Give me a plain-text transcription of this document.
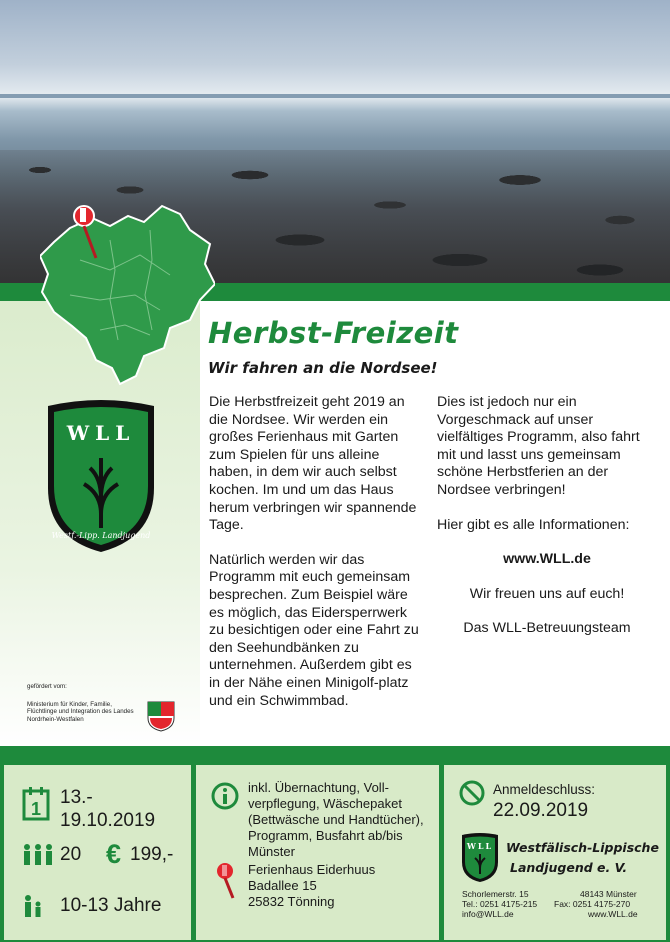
Herbst-Freizeit
Wir fahren an die Nordsee!
WLL
Westf.-Lipp. Landjugend

Die Herbstfreizeit geht 2019 an die Nordsee. Wir werden ein großes Ferienhaus mit Garten zum Spielen für uns alleine haben, in dem wir auch selbst kochen. Im und um das Haus herum verbringen wir spannende Tage.

Natürlich werden wir das Programm mit euch gemeinsam besprechen. Zum Beispiel wäre es möglich, das Eidersperrwerk zu besichtigen oder eine Fahrt zu den Seehundbänken zu unternehmen. Außerdem gibt es in der Nähe einen Minigolf-platz und ein Schwimmbad.

Dies ist jedoch nur ein Vorgeschmack auf unser vielfältiges Programm, also fahrt mit und lasst uns gemeinsam schöne Herbstferien an der Nordsee verbringen!

Hier gibt es alle Informationen:

www.WLL.de

Wir freuen uns auf euch!

Das WLL-Betreuungsteam

gefördert vom:
Ministerium für Kinder, Familie, Flüchtlinge und Integration des Landes Nordrhein-Westfalen
1
13.-
19.10.2019
20 € 199,-
10-13 Jahre
inkl. Übernachtung, Voll-verpflegung, Wäschepaket (Bettwäsche und Handtücher), Programm, Busfahrt ab/bis Münster
Ferienhaus Eiderhuus
Badallee 15
25832 Tönning
Anmeldeschluss:
22.09.2019
WLL Westfälisch-Lippische
Landjugend e. V.
Schorlemerstr. 15	48143 Münster
Tel.: 0251 4175-215 Fax: 0251 4175-270
info@WLL.de	www.WLL.de
